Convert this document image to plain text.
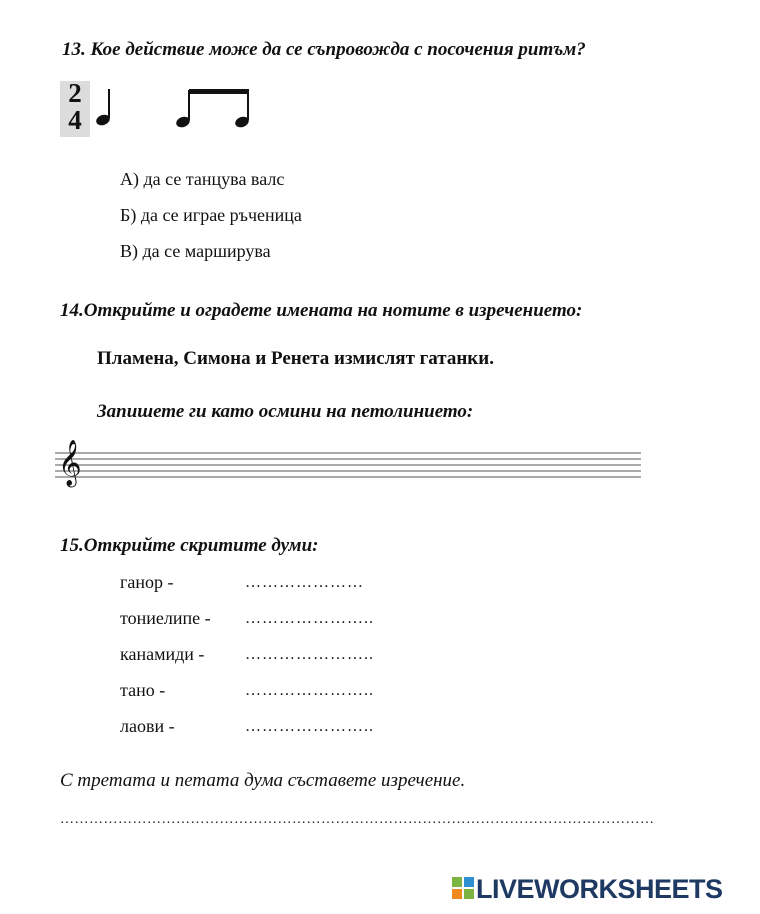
13. Кое действие може да се съпровожда с посочения ритъм?
2
4
А) да се танцува валс
Б) да се играе ръченица
В) да се марширува
14.Открийте и оградете имената на нотите в изречението:
Пламена, Симона и Ренета измислят гатанки.
Запишете ги като осмини на петолинието:
𝄞
15.Открийте скритите думи:
ганор -	…………………
тониелипе - …………………..
канамиди -	…………………..
тано -	…………………..
лаови -	…………………..
С третата и петата дума съставете изречение.
……………………………………………………………………………………………………………
LIVEWORKSHEETS
